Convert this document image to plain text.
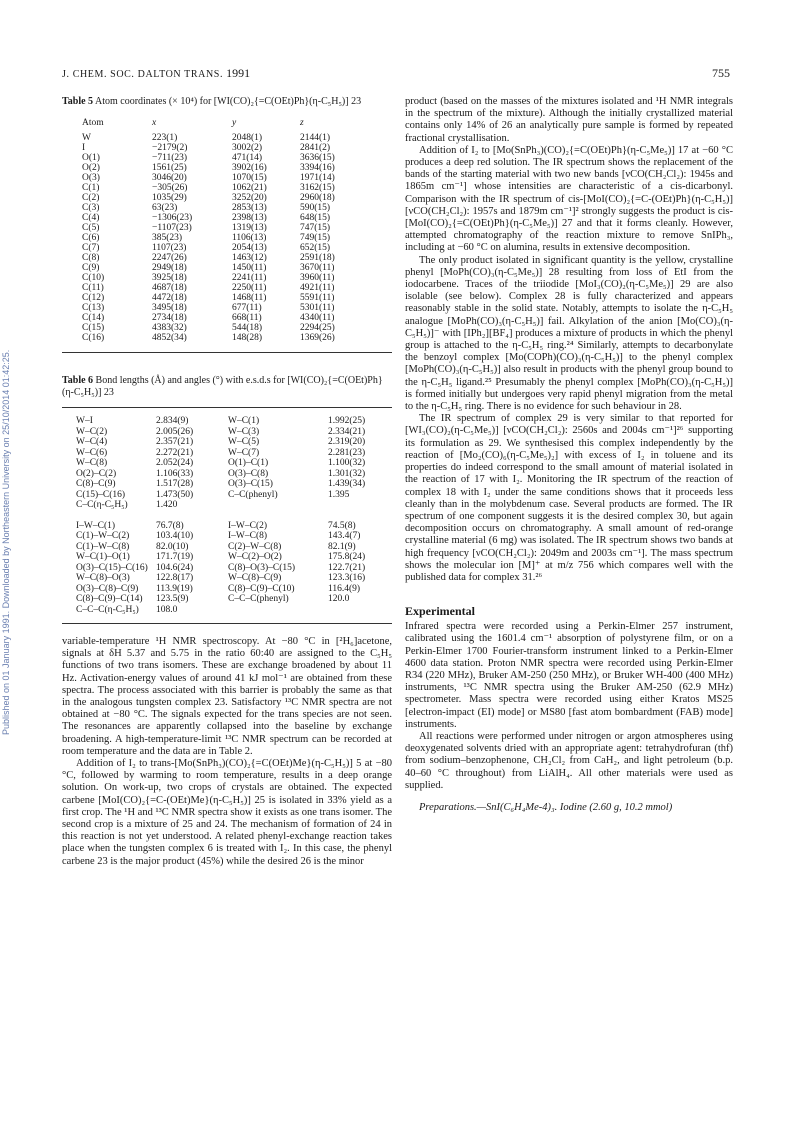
J. CHEM. SOC. DALTON TRANS. 1991	755
Published on 01 January 1991. Downloaded by Northeastern University on 25/10/2014 01:42:25.

Table 5 Atom coordinates (× 10⁴) for [WI(CO)₂{=C(OEt)Ph}(η-C₅H₅)] 23

Atom	x	y	z
W	223(1)	2048(1)	2144(1)
I	−2179(2)	3002(2)	2841(2)
O(1)	−711(23)	471(14)	3636(15)
O(2)	1561(25)	3902(16)	3394(16)
O(3)	3046(20)	1070(15)	1971(14)
C(1)	−305(26)	1062(21)	3162(15)
C(2)	1035(29)	3252(20)	2960(18)
C(3)	63(23)	2853(13)	590(15)
C(4)	−1306(23)	2398(13)	648(15)
C(5)	−1107(23)	1319(13)	747(15)
C(6)	385(23)	1106(13)	749(15)
C(7)	1107(23)	2054(13)	652(15)
C(8)	2247(26)	1463(12)	2591(18)
C(9)	2949(18)	1450(11)	3670(11)
C(10)	3925(18)	2241(11)	3960(11)
C(11)	4687(18)	2250(11)	4921(11)
C(12)	4472(18)	1468(11)	5591(11)
C(13)	3495(18)	677(11)	5301(11)
C(14)	2734(18)	668(11)	4340(11)
C(15)	4383(32)	544(18)	2294(25)
C(16)	4852(34)	148(28)	1369(26)

Table 6 Bond lengths (Å) and angles (°) with e.s.d.s for [WI(CO)₂{=C(OEt)Ph}(η-C₅H₅)] 23

W–I	2.834(9)	W–C(1)	1.992(25)
W–C(2)	2.005(26)	W–C(3)	2.334(21)
W–C(4)	2.357(21)	W–C(5)	2.319(20)
W–C(6)	2.272(21)	W–C(7)	2.281(23)
W–C(8)	2.052(24)	O(1)–C(1)	1.100(32)
O(2)–C(2)	1.106(33)	O(3)–C(8)	1.301(32)
C(8)–C(9)	1.517(28)	O(3)–C(15)	1.439(34)
C(15)–C(16)	1.473(50)	C–C(phenyl)	1.395
C–C(η-C₅H₅)	1.420		

I–W–C(1)	76.7(8)	I–W–C(2)	74.5(8)
C(1)–W–C(2)	103.4(10)	I–W–C(8)	143.4(7)
C(1)–W–C(8)	82.0(10)	C(2)–W–C(8)	82.1(9)
W–C(1)–O(1)	171.7(19)	W–C(2)–O(2)	175.8(24)
O(3)–C(15)–C(16)	104.6(24)	C(8)–O(3)–C(15)	122.7(21)
W–C(8)–O(3)	122.8(17)	W–C(8)–C(9)	123.3(16)
O(3)–C(8)–C(9)	113.9(19)	C(8)–C(9)–C(10)	116.4(9)
C(8)–C(9)–C(14)	123.5(9)	C–C–C(phenyl)	120.0
C–C–C(η-C₅H₅)	108.0		

variable-temperature ¹H NMR spectroscopy. At −80 °C in [²H₆]acetone, signals at δH 5.37 and 5.75 in the ratio 60:40 are assigned to the C₅H₅ functions of two trans isomers. These are exchange broadened by about 11 Hz. Activation-energy values of around 41 kJ mol⁻¹ are obtained from these spectra. The process associated with this barrier is probably the same as that in the analogous tungsten complex 23. Satisfactory ¹³C NMR spectra are not obtained at −80 °C. The signals expected for the trans species are not seen. The resonances are apparently collapsed into the baseline by exchange broadening. A high-temperature-limit ¹³C NMR spectrum can be recorded at room temperature and the data are in Table 2.

Addition of I₂ to trans-[Mo(SnPh₃)(CO)₂{=C(OEt)Me}(η-C₅H₅)] 5 at −80 °C, followed by warming to room temperature, results in a deep orange solution. On work-up, two crops of crystals are obtained. The expected carbene [MoI(CO)₂{=C-(OEt)Me}(η-C₅H₅)] 25 is isolated in 33% yield as a first crop. The ¹H and ¹³C NMR spectra show it exists as one trans isomer. The second crop is a mixture of 25 and 24. The mechanism of formation of 24 in this reaction is not yet understood. A related phenyl-exchange reaction takes place when the tungsten complex 6 is treated with I₂. In this case, the phenyl carbene 23 is the major product (45%) while the desired 26 is the minor

product (based on the masses of the mixtures isolated and ¹H NMR integrals in the spectrum of the mixture). Although the initially crystallized material contains only 14% of 26 an analytically pure sample is formed by repeated fractional crystallisation.

Addition of I₂ to [Mo(SnPh₃)(CO)₂{=C(OEt)Ph}(η-C₅Me₅)] 17 at −60 °C produces a deep red solution. The IR spectrum shows the replacement of the bands of the starting material with two new bands [νCO(CH₂Cl₂): 1945s and 1865m cm⁻¹] whose intensities are characteristic of a cis-dicarbonyl. Comparison with the IR spectrum of cis-[MoI(CO)₂{=C-(OEt)Ph}(η-C₅H₅)] [νCO(CH₂Cl₂): 1957s and 1879m cm⁻¹]² strongly suggests the product is cis-[MoI(CO)₂{=C(OEt)Ph}(η-C₅Me₅)] 27 and that it forms cleanly. However, attempted chromatography of the reaction mixture to remove SnIPh₃, including at −60 °C on alumina, results in extensive decomposition.

The only product isolated in significant quantity is the yellow, crystalline phenyl [MoPh(CO)₃(η-C₅Me₅)] 28 resulting from loss of EtI from the iodocarbene. Traces of the triiodide [MoI₃(CO)₂(η-C₅Me₅)] 29 are also isolable (see below). Complex 28 is fully characterized and appears reasonably stable in the solid state. Notably, attempts to isolate the η-C₅H₅ analogue [MoPh(CO)₃(η-C₅H₅)] fail. Alkylation of the anion [Mo(CO)₃(η-C₅H₅)]⁻ with [IPh₂][BF₄] produces a mixture of products in which the phenyl group is attached to the η-C₅H₅ ring.²⁴ Similarly, attempts to decarbonylate the benzoyl complex [Mo(COPh)(CO)₃(η-C₅H₅)] to the phenyl complex [MoPh(CO)₃(η-C₅H₅)] also result in products with the phenyl group bound to the η-C₅H₅ ligand.²⁵ Presumably the phenyl complex [MoPh(CO)₃(η-C₅H₅)] is formed initially but undergoes very rapid phenyl migration from the metal to the η-C₅H₅ ring. There is no evidence for such behaviour in 28.

The IR spectrum of complex 29 is very similar to that reported for [WI₃(CO)₂(η-C₅Me₅)] [νCO(CH₂Cl₂): 2560s and 2004s cm⁻¹]²⁶ supporting its formulation as 29. We synthesised this complex independently by the reaction of [Mo₂(CO)₆(η-C₅Me₅)₂] with excess of I₂ in toluene and its properties do indeed correspond to the small amount of material isolated in the reaction of 17 with I₂. Monitoring the IR spectrum of the reaction of complex 18 with I₂ under the same conditions shows that it proceeds less cleanly than in the molybdenum case. Several products are formed. The IR spectrum of one component suggests it is the desired complex 30, but again decomposition occurs on chromatography. A small amount of red-orange crystalline material (6 mg) was isolated. The IR spectrum shows two bands at high frequency [νCO(CH₂Cl₂): 2049m and 2003s cm⁻¹]. The mass spectrum shows the molecular ion [M]⁺ at m/z 756 which compares well with the published data for complex 31.²⁶

Experimental

Infrared spectra were recorded using a Perkin-Elmer 257 instrument, calibrated using the 1601.4 cm⁻¹ absorption of polystyrene film, or on a Perkin-Elmer 1700 Fourier-transform instrument linked to a Perkin-Elmer 4600 data station. Proton NMR spectra were recorded using Perkin-Elmer R34 (220 MHz), Bruker AM-250 (250 MHz), or Bruker WH-400 (400 MHz) instruments, ¹³C NMR spectra using the Bruker AM-250 (62.9 MHz) spectrometer. Mass spectra were recorded using either Kratos MS25 [electron-impact (EI) mode] or MS80 [fast atom bombardment (FAB) mode] instruments.

All reactions were performed under nitrogen or argon atmospheres using deoxygenated solvents dried with an appropriate agent: tetrahydrofuran (thf) from sodium–benzophenone, CH₂Cl₂ from CaH₂, and light petroleum (b.p. 40–60 °C throughout) from LiAlH₄. All other materials were used as supplied.

Preparations.—SnI(C₆H₄Me-4)₃. Iodine (2.60 g, 10.2 mmol)
